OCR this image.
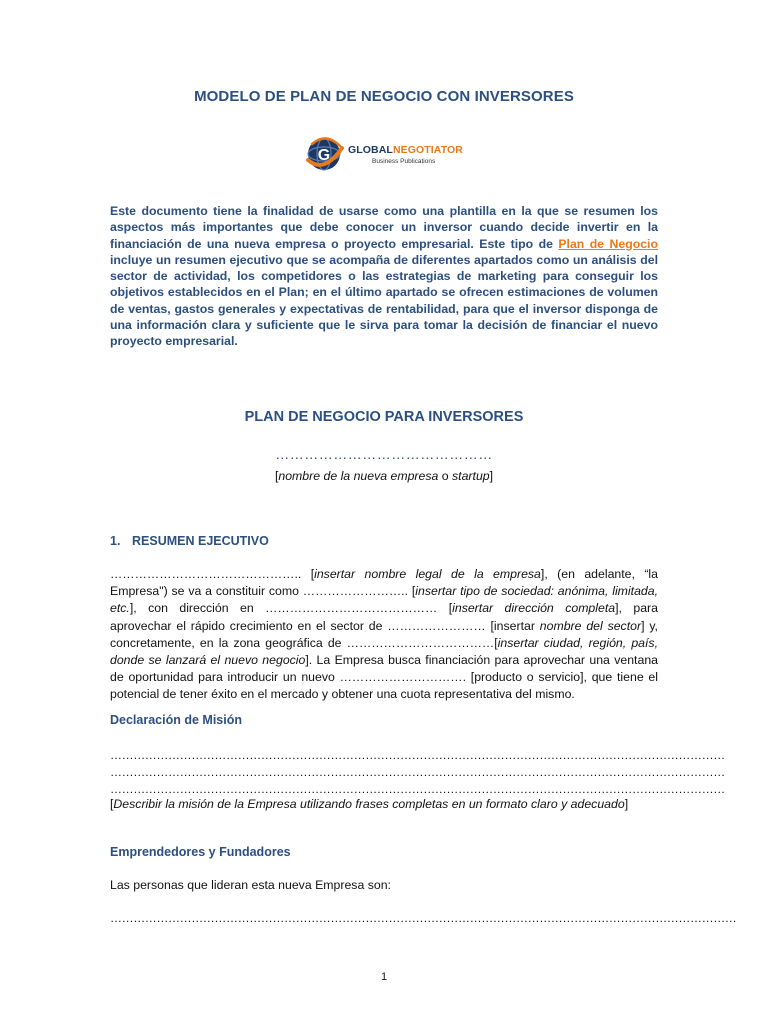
MODELO DE PLAN DE NEGOCIO CON INVERSORES
G GLOBALNEGOTIATOR
Business Publications
Este documento tiene la finalidad de usarse como una plantilla en la que se resumen los aspectos más importantes que debe conocer un inversor cuando decide invertir en la financiación de una nueva empresa o proyecto empresarial. Este tipo de Plan de Negocio incluye un resumen ejecutivo que se acompaña de diferentes apartados como un análisis del sector de actividad, los competidores o las estrategias de marketing para conseguir los objetivos establecidos en el Plan; en el último apartado se ofrecen estimaciones de volumen de ventas, gastos generales y expectativas de rentabilidad, para que el inversor disponga de una información clara y suficiente que le sirva para tomar la decisión de financiar el nuevo proyecto empresarial.
PLAN DE NEGOCIO PARA INVERSORES
………………………………………
[nombre de la nueva empresa o startup]
1. RESUMEN EJECUTIVO
……………………………………….. [insertar nombre legal de la empresa], (en adelante, “la Empresa") se va a constituir como …………………….. [insertar tipo de sociedad: anónima, limitada, etc.], con dirección en …………………………………… [insertar dirección completa], para aprovechar el rápido crecimiento en el sector de …………………… [insertar nombre del sector] y, concretamente, en la zona geográfica de ………………………………[insertar ciudad, región, país, donde se lanzará el nuevo negocio]. La Empresa busca financiación para aprovechar una ventana de oportunidad para introducir un nuevo …………………………. [producto o servicio], que tiene el potencial de tener éxito en el mercado y obtener una cuota representativa del mismo.
Declaración de Misión
……………………………………………………………………………………………………………………………………………
……………………………………………………………………………………………………………………………………………
……………………………………………………………………………………………………………………………………………
[Describir la misión de la Empresa utilizando frases completas en un formato claro y adecuado]
Emprendedores y Fundadores
Las personas que lideran esta nueva Empresa son:
………………………………………………………………………………………………………………………………………………
1
